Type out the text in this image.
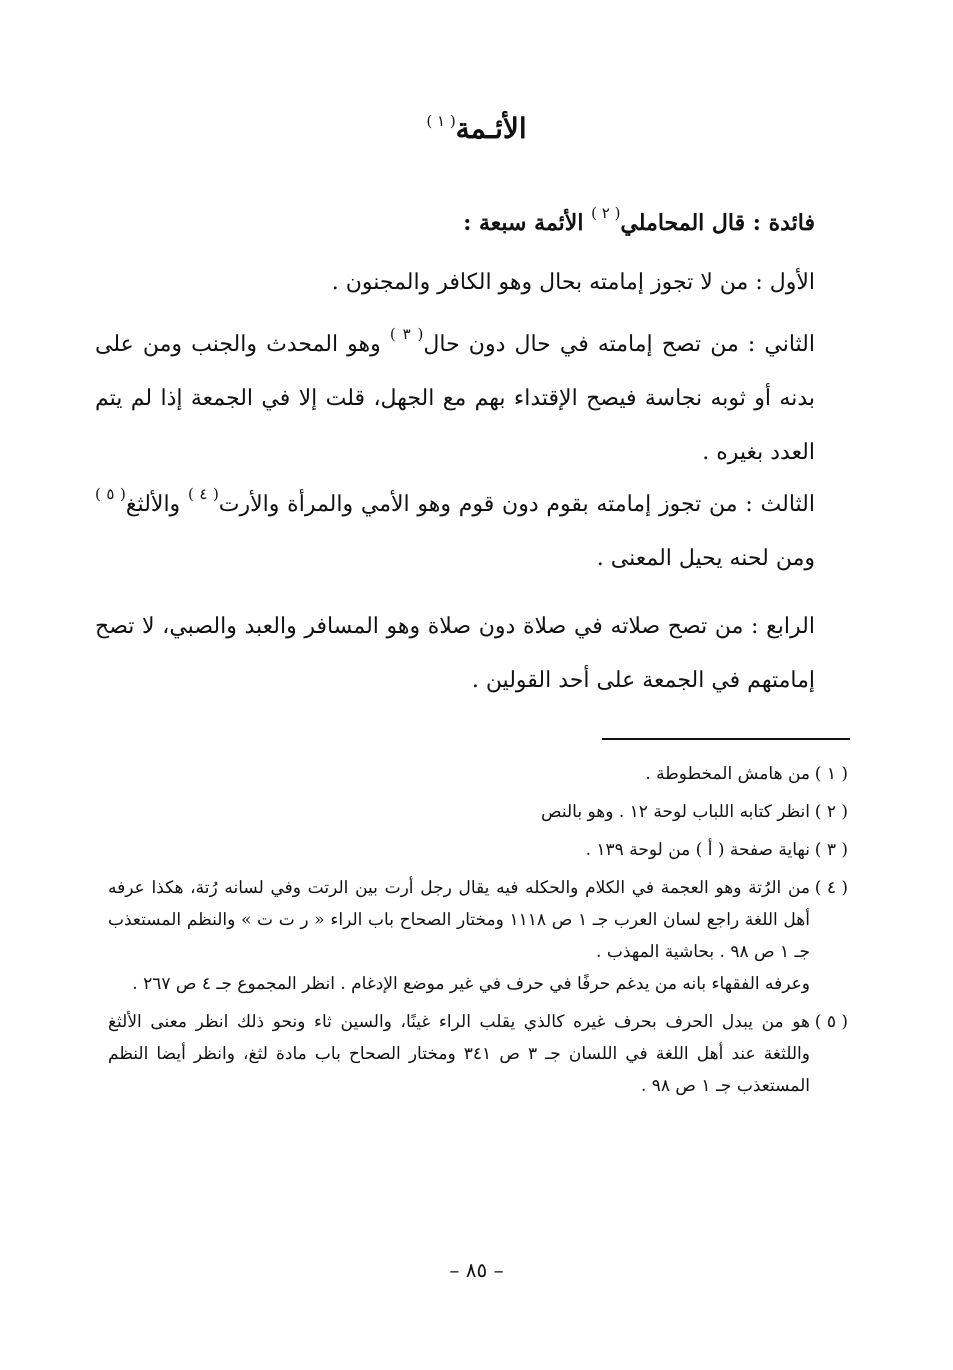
الأئـمة$^{( ١ )}$
فائدة : قال المحاملي$^{( ٢ )}$ الأئمة سبعة :
الأول : من لا تجوز إمامته بحال وهو الكافر والمجنون .
الثاني : من تصح إمامته في حال دون حال$^{( ٣ )}$ وهو المحدث والجنب ومن على بدنه أو ثوبه نجاسة فيصح الإقتداء بهم مع الجهل، قلت إلا في الجمعة إذا لم يتم العدد بغيره .
الثالث : من تجوز إمامته بقوم دون قوم وهو الأمي والمرأة والأرت$^{( ٤ )}$ والألثغ$^{( ٥ )}$ ومن لحنه يحيل المعنى .
الرابع : من تصح صلاته في صلاة دون صلاة وهو المسافر والعبد والصبي، لا تصح إمامتهم في الجمعة على أحد القولين .

( ١ )
من هامش المخطوطة .

( ٢ )
انظر كتابه اللباب لوحة ١٢ . وهو بالنص

( ٣ )
نهاية صفحة ( أ ) من لوحة ١٣٩ .

( ٤ )
من الرُتة وهو العجمة في الكلام والحكله فيه يقال رجل أرت بين الرتت وفي لسانه رُتة، هكذا عرفه أهل اللغة راجع لسان العرب جـ ١ ص ١١١٨ ومختار الصحاح باب الراء « ر ت ت » والنظم المستعذب جـ ١ ص ٩٨ . بحاشية المهذب .

وعرفه الفقهاء بانه من يدغم حرفًا في حرف في غير موضع الإدغام . انظر المجموع جـ ٤ ص ٢٦٧ .

( ٥ )
هو من يبدل الحرف بحرف غيره كالذي يقلب الراء غينًا، والسين ثاء ونحو ذلك انظر معنى الألثغ واللثغة عند أهل اللغة في اللسان جـ ٣ ص ٣٤١ ومختار الصحاح باب مادة لثغ، وانظر أيضا النظم المستعذب جـ ١ ص ٩٨ .

– ٨٥ –
